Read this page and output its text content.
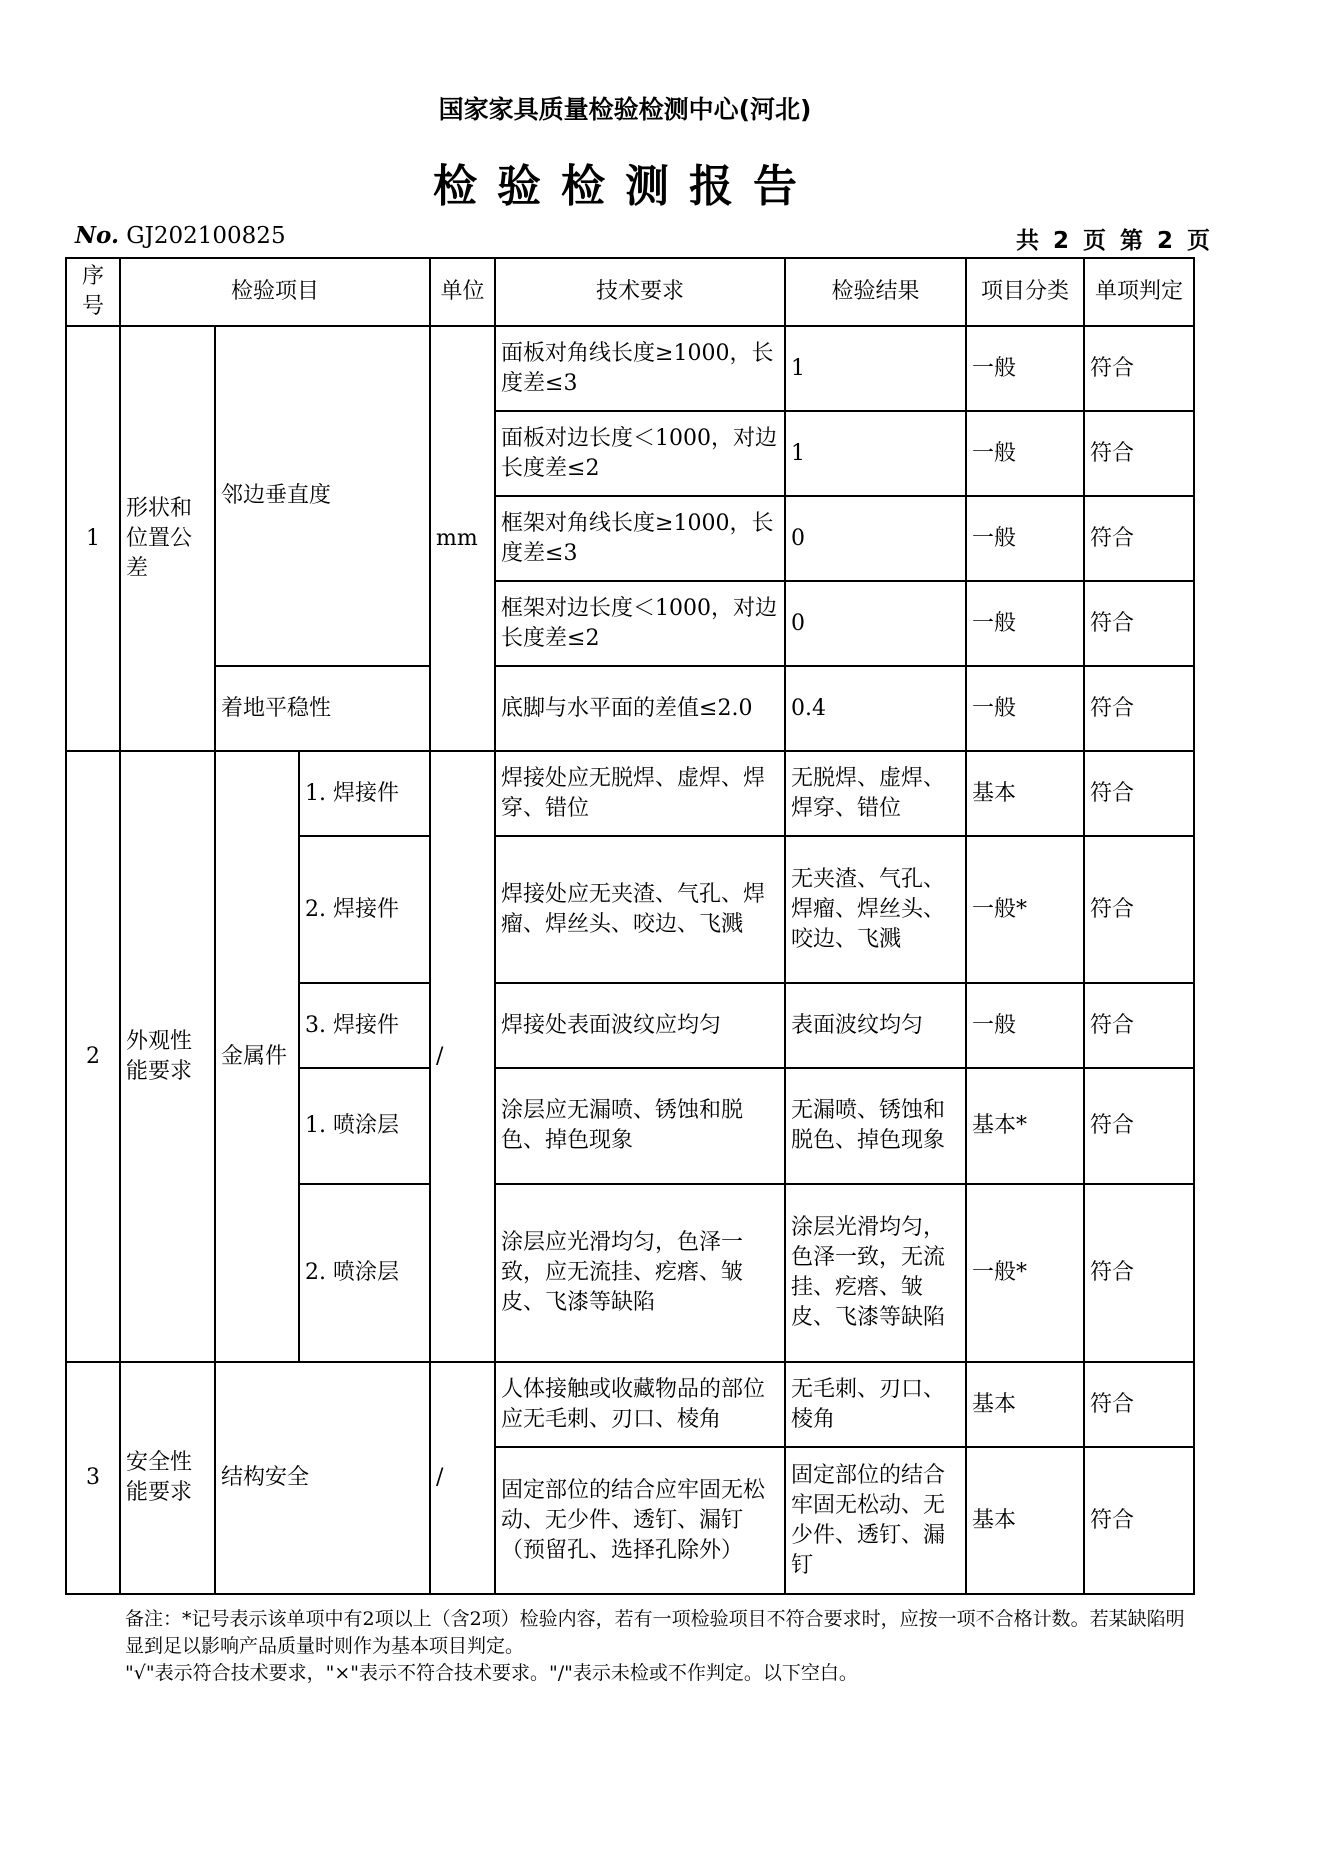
国家家具质量检验检测中心(河北)
检验检测报告
No. GJ202100825	共 2 页 第 2 页
序号	检验项目			单位	技术要求	检验结果	项目分类	单项判定
1	形状和位置公差	邻边垂直度		mm	面板对角线长度≥1000，长度差≤3	1	一般	符合
					面板对边长度＜1000，对边长度差≤2	1	一般	符合
					框架对角线长度≥1000，长度差≤3	0	一般	符合
					框架对边长度＜1000，对边长度差≤2	0	一般	符合
		着地平稳性			底脚与水平面的差值≤2.0	0.4	一般	符合
2	外观性能要求	金属件	1. 焊接件	/	焊接处应无脱焊、虚焊、焊穿、错位	无脱焊、虚焊、焊穿、错位	基本	符合
			2. 焊接件		焊接处应无夹渣、气孔、焊瘤、焊丝头、咬边、飞溅	无夹渣、气孔、焊瘤、焊丝头、咬边、飞溅	一般*	符合
			3. 焊接件		焊接处表面波纹应均匀	表面波纹均匀	一般	符合
			1. 喷涂层		涂层应无漏喷、锈蚀和脱色、掉色现象	无漏喷、锈蚀和脱色、掉色现象	基本*	符合
			2. 喷涂层		涂层应光滑均匀，色泽一致，应无流挂、疙瘩、皱皮、飞漆等缺陷	涂层光滑均匀，色泽一致，无流挂、疙瘩、皱皮、飞漆等缺陷	一般*	符合
3	安全性能要求	结构安全		/	人体接触或收藏物品的部位应无毛刺、刃口、棱角	无毛刺、刃口、棱角	基本	符合
					固定部位的结合应牢固无松动、无少件、透钉、漏钉（预留孔、选择孔除外）	固定部位的结合牢固无松动、无少件、透钉、漏钉	基本	符合
备注：*记号表示该单项中有2项以上（含2项）检验内容，若有一项检验项目不符合要求时，应按一项不合格计数。若某缺陷明显到足以影响产品质量时则作为基本项目判定。
"√"表示符合技术要求，"×"表示不符合技术要求。"/"表示未检或不作判定。以下空白。
